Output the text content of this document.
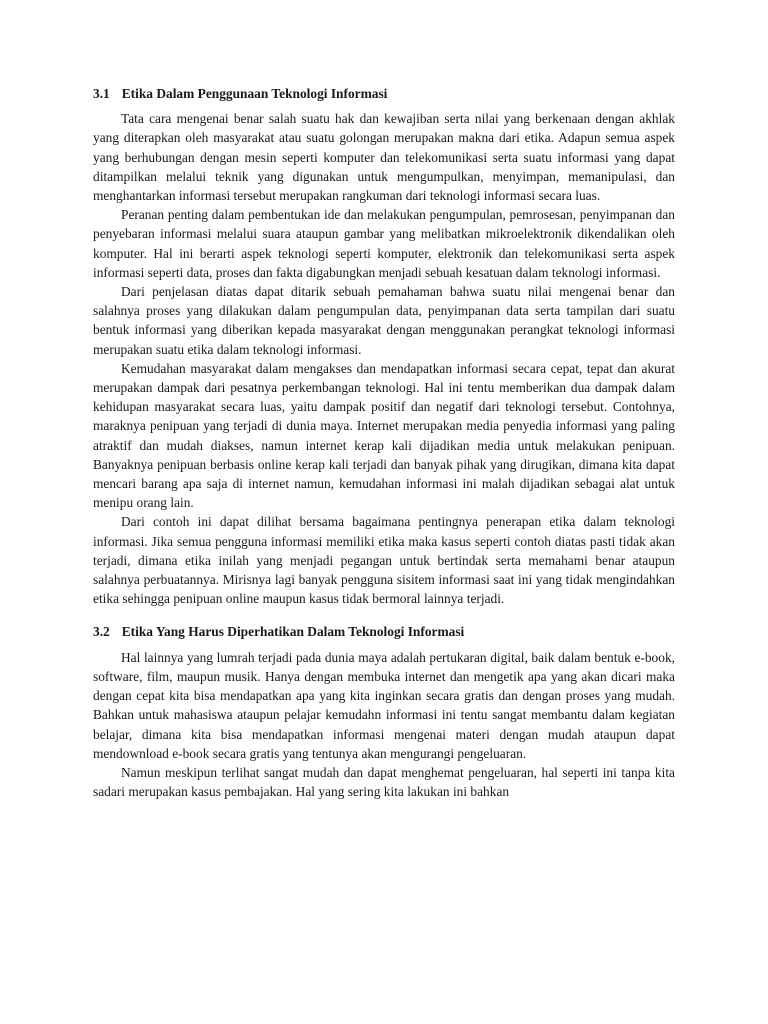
3.1 Etika Dalam Penggunaan Teknologi Informasi

Tata cara mengenai benar salah suatu hak dan kewajiban serta nilai yang berkenaan dengan akhlak yang diterapkan oleh masyarakat atau suatu golongan merupakan makna dari etika. Adapun semua aspek yang berhubungan dengan mesin seperti komputer dan telekomunikasi serta suatu informasi yang dapat ditampilkan melalui teknik yang digunakan untuk mengumpulkan, menyimpan, memanipulasi, dan menghantarkan informasi tersebut merupakan rangkuman dari teknologi informasi secara luas.

Peranan penting dalam pembentukan ide dan melakukan pengumpulan, pemrosesan, penyimpanan dan penyebaran informasi melalui suara ataupun gambar yang melibatkan mikroelektronik dikendalikan oleh komputer. Hal ini berarti aspek teknologi seperti komputer, elektronik dan telekomunikasi serta aspek informasi seperti data, proses dan fakta digabungkan menjadi sebuah kesatuan dalam teknologi informasi.

Dari penjelasan diatas dapat ditarik sebuah pemahaman bahwa suatu nilai mengenai benar dan salahnya proses yang dilakukan dalam pengumpulan data, penyimpanan data serta tampilan dari suatu bentuk informasi yang diberikan kepada masyarakat dengan menggunakan perangkat teknologi informasi merupakan suatu etika dalam teknologi informasi.

Kemudahan masyarakat dalam mengakses dan mendapatkan informasi secara cepat, tepat dan akurat merupakan dampak dari pesatnya perkembangan teknologi. Hal ini tentu memberikan dua dampak dalam kehidupan masyarakat secara luas, yaitu dampak positif dan negatif dari teknologi tersebut. Contohnya, maraknya penipuan yang terjadi di dunia maya. Internet merupakan media penyedia informasi yang paling atraktif dan mudah diakses, namun internet kerap kali dijadikan media untuk melakukan penipuan. Banyaknya penipuan berbasis online kerap kali terjadi dan banyak pihak yang dirugikan, dimana kita dapat mencari barang apa saja di internet namun, kemudahan informasi ini malah dijadikan sebagai alat untuk menipu orang lain.

Dari contoh ini dapat dilihat bersama bagaimana pentingnya penerapan etika dalam teknologi informasi. Jika semua pengguna informasi memiliki etika maka kasus seperti contoh diatas pasti tidak akan terjadi, dimana etika inilah yang menjadi pegangan untuk bertindak serta memahami benar ataupun salahnya perbuatannya. Mirisnya lagi banyak pengguna sisitem informasi saat ini yang tidak mengindahkan etika sehingga penipuan online maupun kasus tidak bermoral lainnya terjadi.

3.2 Etika Yang Harus Diperhatikan Dalam Teknologi Informasi

Hal lainnya yang lumrah terjadi pada dunia maya adalah pertukaran digital, baik dalam bentuk e-book, software, film, maupun musik. Hanya dengan membuka internet dan mengetik apa yang akan dicari maka dengan cepat kita bisa mendapatkan apa yang kita inginkan secara gratis dan dengan proses yang mudah. Bahkan untuk mahasiswa ataupun pelajar kemudahn informasi ini tentu sangat membantu dalam kegiatan belajar, dimana kita bisa mendapatkan informasi mengenai materi dengan mudah ataupun dapat mendownload e-book secara gratis yang tentunya akan mengurangi pengeluaran.

Namun meskipun terlihat sangat mudah dan dapat menghemat pengeluaran, hal seperti ini tanpa kita sadari merupakan kasus pembajakan. Hal yang sering kita lakukan ini bahkan
